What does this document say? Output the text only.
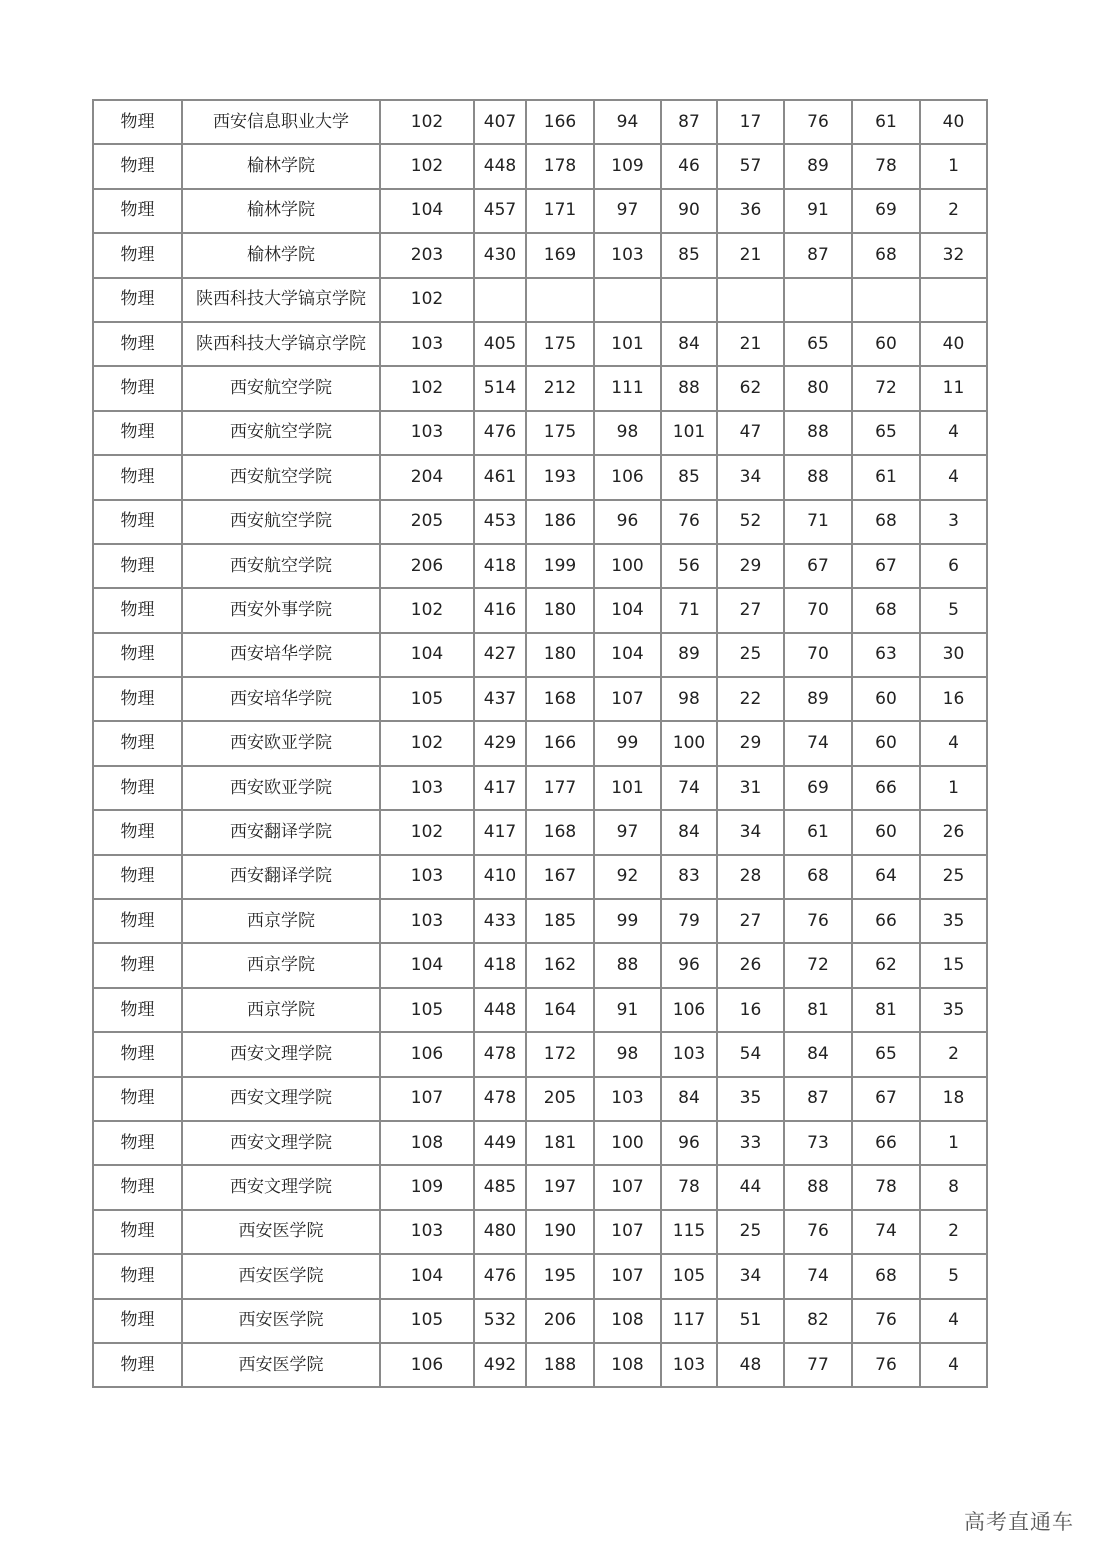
物理	西安信息职业大学	102	407	166	94	87	17	76	61	40
物理	榆林学院	102	448	178	109	46	57	89	78	1
物理	榆林学院	104	457	171	97	90	36	91	69	2
物理	榆林学院	203	430	169	103	85	21	87	68	32
物理	陕西科技大学镐京学院	102								
物理	陕西科技大学镐京学院	103	405	175	101	84	21	65	60	40
物理	西安航空学院	102	514	212	111	88	62	80	72	11
物理	西安航空学院	103	476	175	98	101	47	88	65	4
物理	西安航空学院	204	461	193	106	85	34	88	61	4
物理	西安航空学院	205	453	186	96	76	52	71	68	3
物理	西安航空学院	206	418	199	100	56	29	67	67	6
物理	西安外事学院	102	416	180	104	71	27	70	68	5
物理	西安培华学院	104	427	180	104	89	25	70	63	30
物理	西安培华学院	105	437	168	107	98	22	89	60	16
物理	西安欧亚学院	102	429	166	99	100	29	74	60	4
物理	西安欧亚学院	103	417	177	101	74	31	69	66	1
物理	西安翻译学院	102	417	168	97	84	34	61	60	26
物理	西安翻译学院	103	410	167	92	83	28	68	64	25
物理	西京学院	103	433	185	99	79	27	76	66	35
物理	西京学院	104	418	162	88	96	26	72	62	15
物理	西京学院	105	448	164	91	106	16	81	81	35
物理	西安文理学院	106	478	172	98	103	54	84	65	2
物理	西安文理学院	107	478	205	103	84	35	87	67	18
物理	西安文理学院	108	449	181	100	96	33	73	66	1
物理	西安文理学院	109	485	197	107	78	44	88	78	8
物理	西安医学院	103	480	190	107	115	25	76	74	2
物理	西安医学院	104	476	195	107	105	34	74	68	5
物理	西安医学院	105	532	206	108	117	51	82	76	4
物理	西安医学院	106	492	188	108	103	48	77	76	4
高考直通车
